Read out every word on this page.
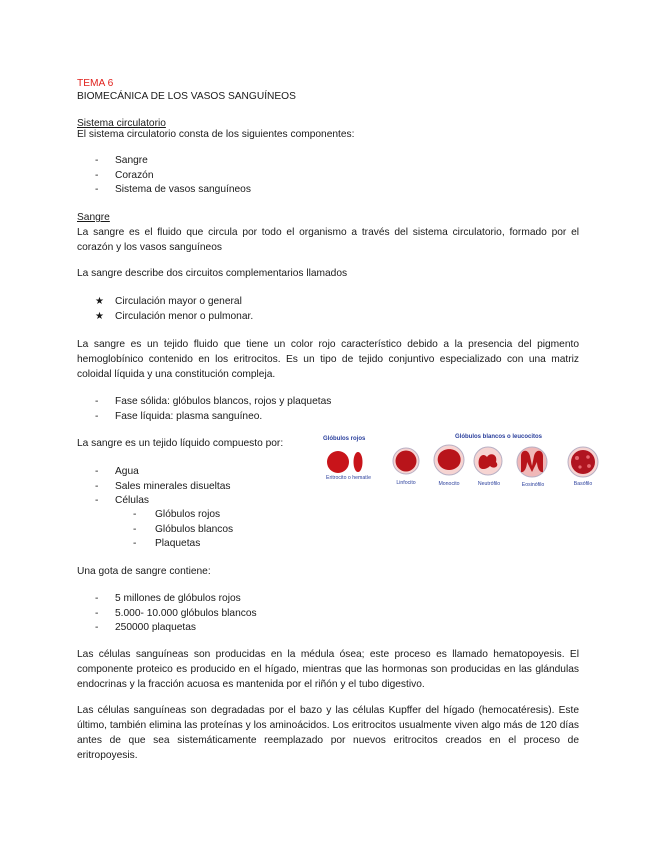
TEMA 6
BIOMECÁNICA DE LOS VASOS SANGUÍNEOS
Sistema circulatorio
El sistema circulatorio consta de los siguientes componentes:
- Sangre
- Corazón
- Sistema de vasos sanguíneos
Sangre

La sangre es el fluido que circula por todo el organismo a través del sistema circulatorio, formado por el corazón y los vasos sanguíneos

La sangre describe dos circuitos complementarios llamados
★ Circulación mayor o general
★ Circulación menor o pulmonar.

La sangre es un tejido fluido que tiene un color rojo característico debido a la presencia del pigmento hemoglobínico contenido en los eritrocitos. Es un tipo de tejido conjuntivo especializado con una matriz coloidal líquida y una constitución compleja.

- Fase sólida: glóbulos blancos, rojos y plaquetas
- Fase líquida: plasma sanguíneo.
La sangre es un tejido líquido compuesto por:
- Agua
- Sales minerales disueltas
- Células
- Glóbulos rojos
- Glóbulos blancos
- Plaquetas
Una gota de sangre contiene:
- 5 millones de glóbulos rojos
- 5.000- 10.000 glóbulos blancos
- 250000 plaquetas

Las células sanguíneas son producidas en la médula ósea; este proceso es llamado hematopoyesis. El componente proteico es producido en el hígado, mientras que las hormonas son producidas en las glándulas endocrinas y la fracción acuosa es mantenida por el riñón y el tubo digestivo.

Las células sanguíneas son degradadas por el bazo y las células Kupffer del hígado (hemocatéresis). Este último, también elimina las proteínas y los aminoácidos. Los eritrocitos usualmente viven algo más de 120 días antes de que sea sistemáticamente reemplazado por nuevos eritrocitos creados en el proceso de eritropoyesis.

Glóbulos rojos	Glóbulos blancos o leucocitos
Eritrocito o hematíe
Linfocito	Monocito	Neutrófilo	Eosinófilo	Basófilo
